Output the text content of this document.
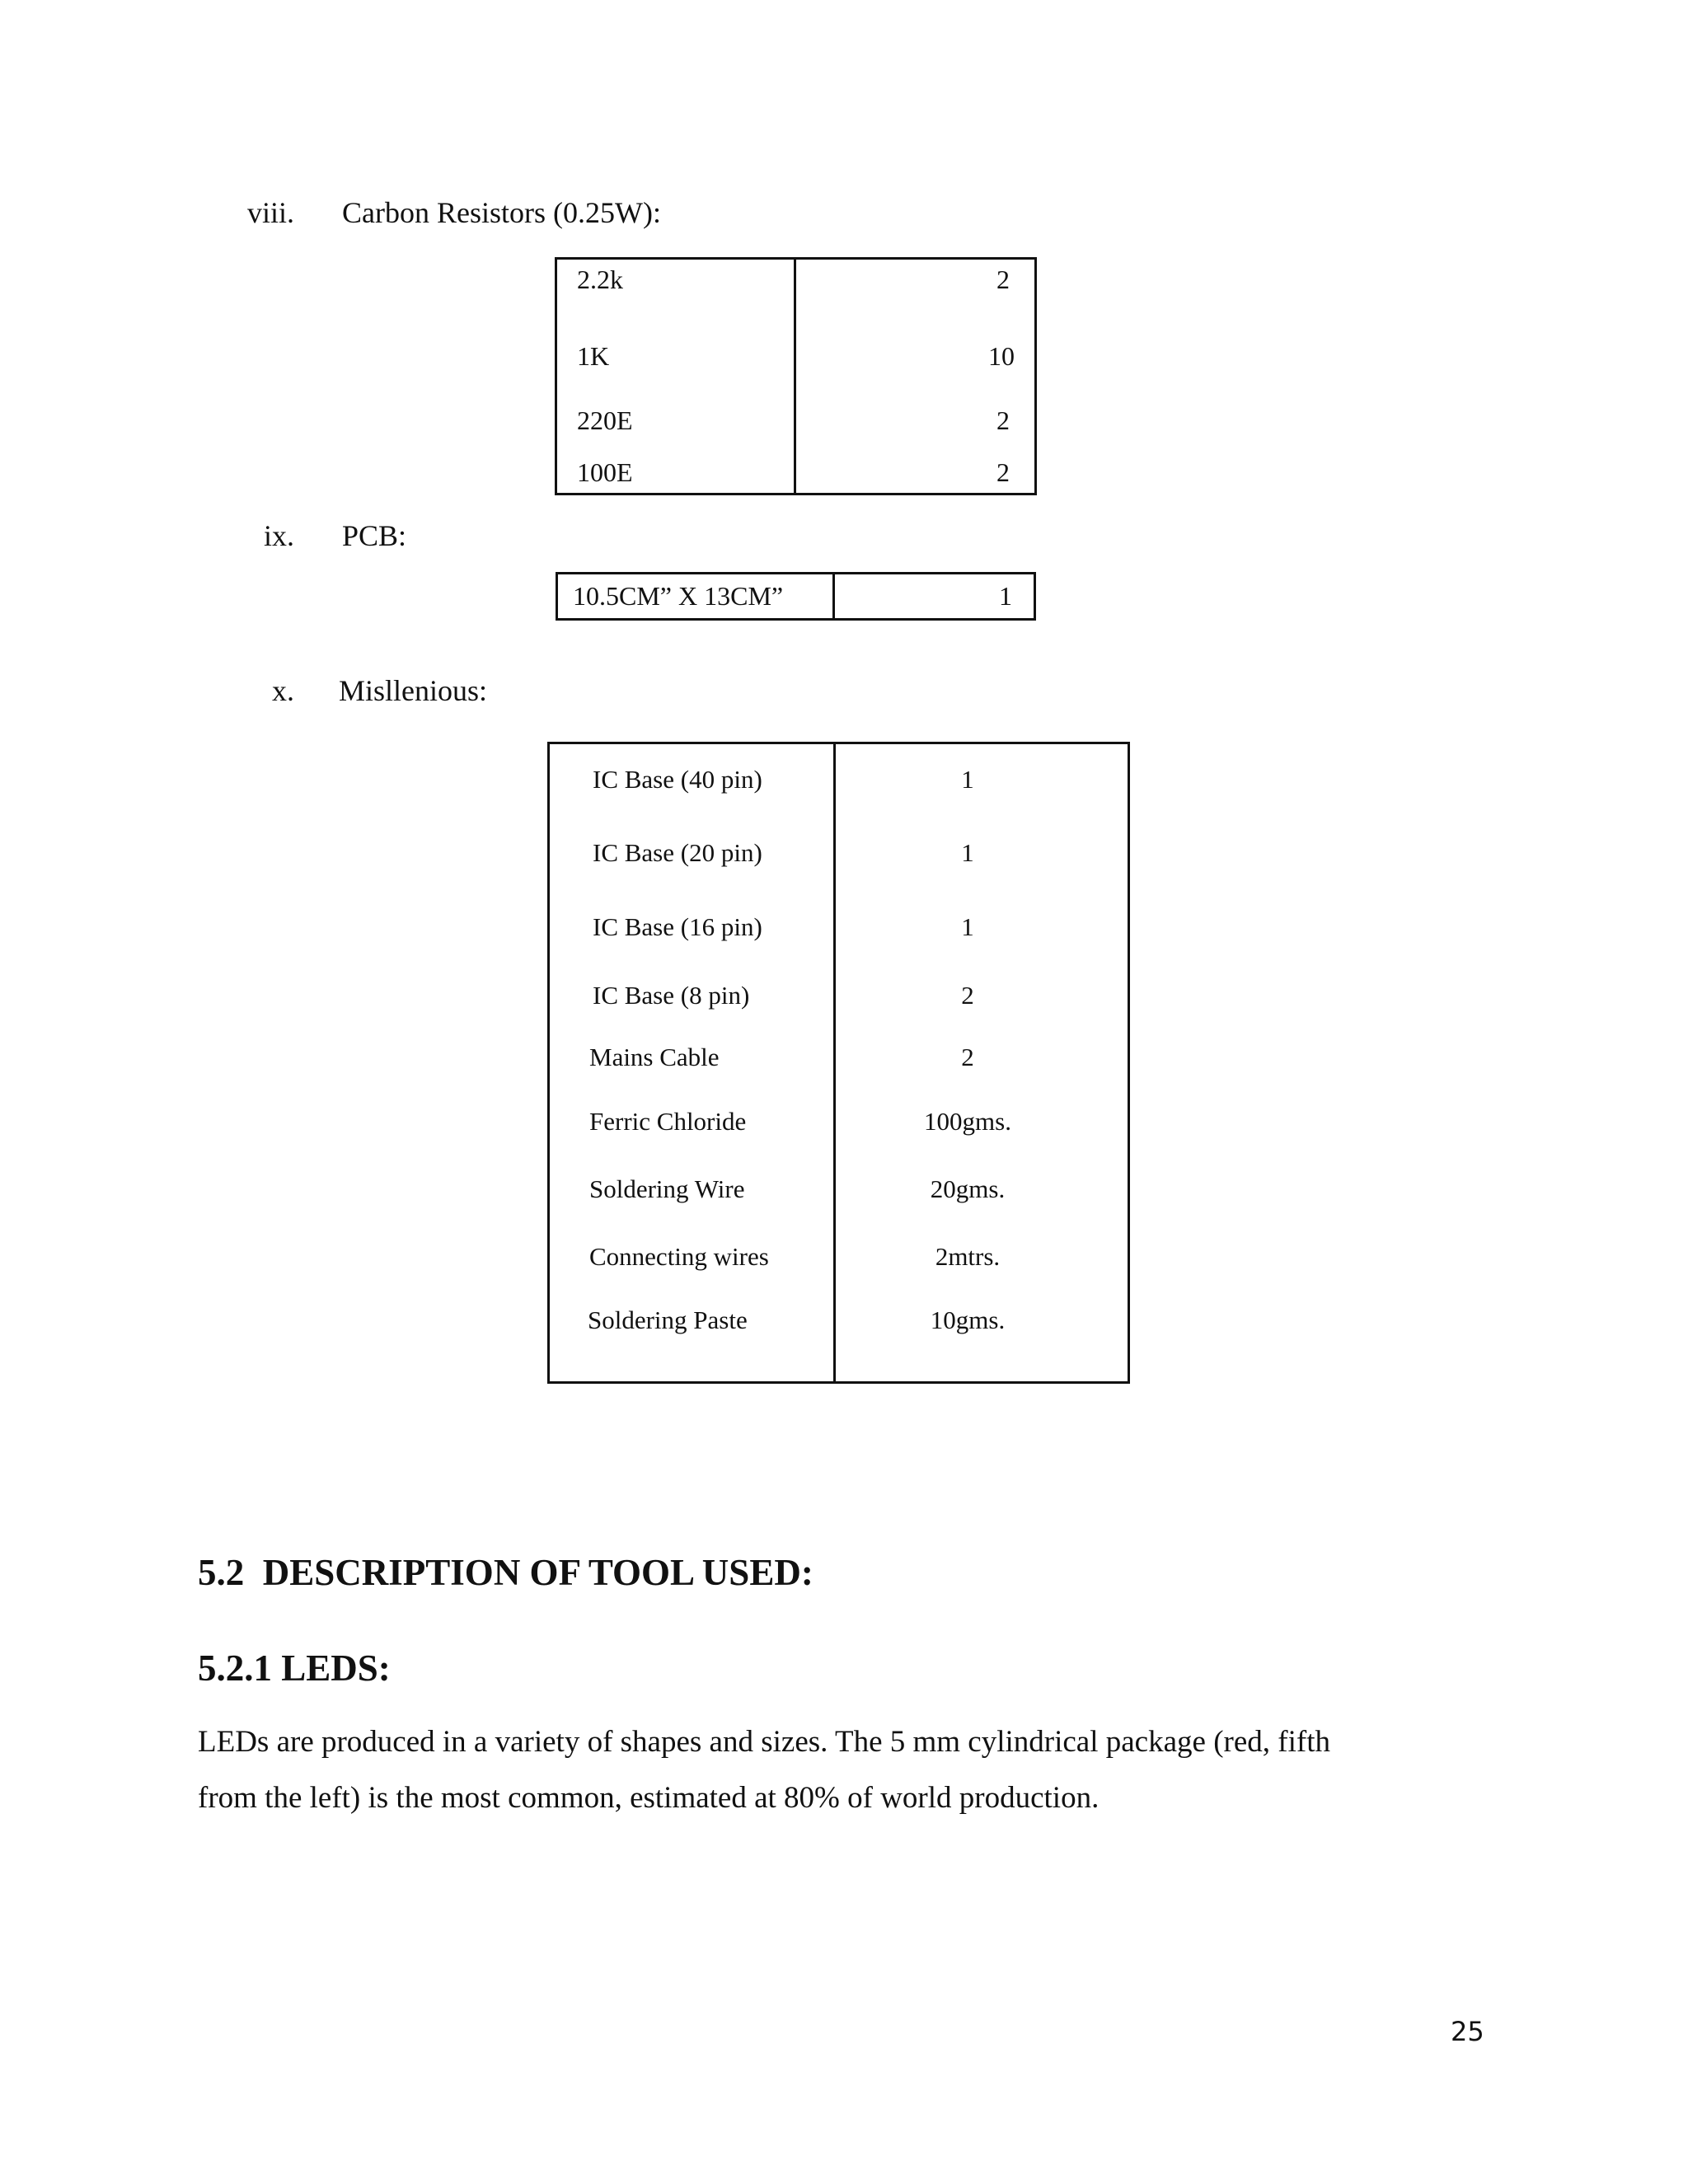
viii. Carbon Resistors (0.25W):
2.2k	2
1K	10
220E	2
100E	2
ix. PCB:
10.5CM” X 13CM”	1
x. Misllenious:
IC Base (40 pin)	1
IC Base (20 pin)	1
IC Base (16 pin)	1
IC Base (8 pin)	2
Mains Cable	2
Ferric Chloride	100gms.
Soldering Wire	20gms.
Connecting wires	2mtrs.
Soldering Paste	10gms.
5.2  DESCRIPTION OF TOOL USED:
5.2.1 LEDS:

LEDs are produced in a variety of shapes and sizes. The 5 mm cylindrical package (red, fifth

from the left) is the most common, estimated at 80% of world production.

25
